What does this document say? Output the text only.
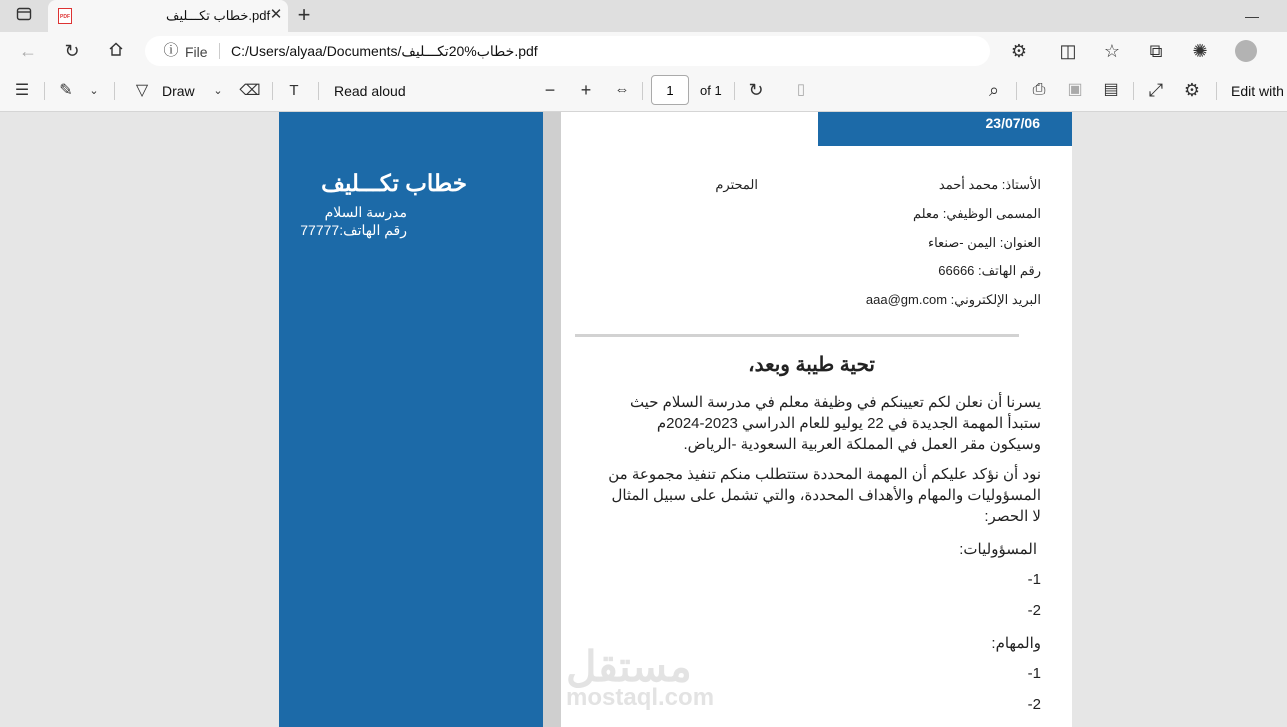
PDF	خطاب تكـــليف.pdf ✕ +	—
← ↻	⚙ ◫ ☆	⧉	✺
ⓘ File C:/Users/alyaa/Documents/خطاب%20تكـــليف.pdf
☰	✎	⌄	▽ Draw	⌄	⌫	T	Read aloud	−	+	⇔	1	of 1 ↻	▯	⌕	⎙	▣ ▤ ⤢ ⚙ Edit with
خطاب تكـــليف
مدرسة السلام
رقم الهاتف:77777
23/07/06
الأستاذ: محمد أحمد
المحترم
المسمى الوظيفي: معلم
العنوان: اليمن -صنعاء
رقم الهاتف: 66666
البريد الإلكتروني: aaa@gm.com
تحية طيبة وبعد،
يسرنا أن نعلن لكم تعيينكم في وظيفة معلم في مدرسة السلام حيث
ستبدأ المهمة الجديدة في 22 يوليو للعام الدراسي 2023-2024م
وسيكون مقر العمل في المملكة العربية السعودية -الرياض.
نود أن نؤكد عليكم أن المهمة المحددة ستتطلب منكم تنفيذ مجموعة من
المسؤوليات والمهام والأهداف المحددة، والتي تشمل على سبيل المثال
لا الحصر:
المسؤوليات:
1-
2-
والمهام:
1-
2-
مستقل
mostaql.com
